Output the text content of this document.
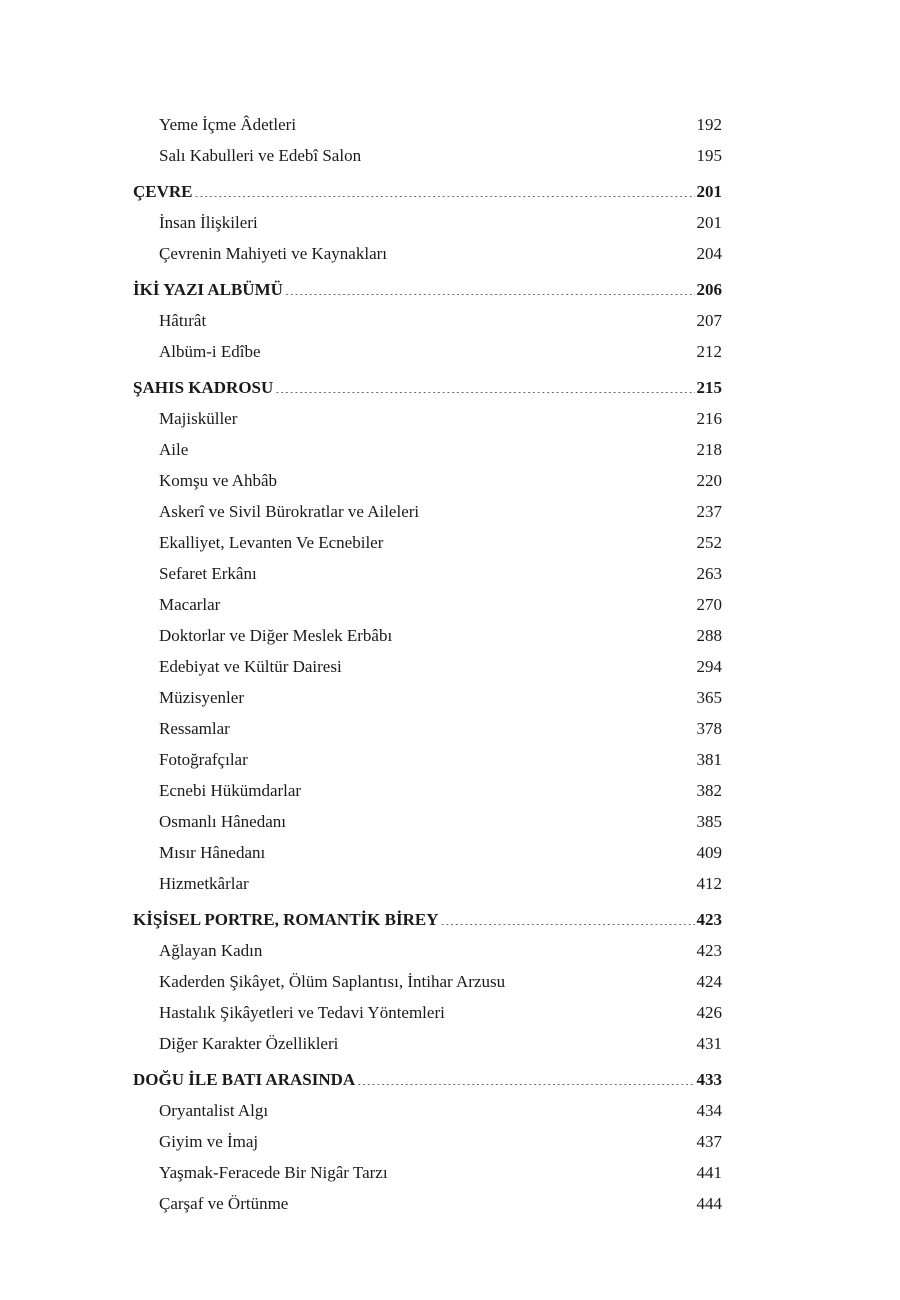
Yeme İçme Âdetleri .....	192
Salı Kabulleri ve Edebî Salon .....	195
ÇEVRE .....	201
İnsan İlişkileri .....	201
Çevrenin Mahiyeti ve Kaynakları .....	204
İKİ YAZI ALBÜMÜ .....	206
Hâtırât .....	207
Albüm-i Edîbe .....	212
ŞAHIS KADROSU .....	215
Majisküller .....	216
Aile .....	218
Komşu ve Ahbâb .....	220
Askerî ve Sivil Bürokratlar ve Aileleri .....	237
Ekalliyet, Levanten Ve Ecnebiler .....	252
Sefaret Erkânı .....	263
Macarlar .....	270
Doktorlar ve Diğer Meslek Erbâbı .....	288
Edebiyat ve Kültür Dairesi .....	294
Müzisyenler .....	365
Ressamlar .....	378
Fotoğrafçılar .....	381
Ecnebi Hükümdarlar .....	382
Osmanlı Hânedanı .....	385
Mısır Hânedanı .....	409
Hizmetkârlar .....	412
KİŞİSEL PORTRE, ROMANTİK BİREY .....	423
Ağlayan Kadın .....	423
Kaderden Şikâyet, Ölüm Saplantısı, İntihar Arzusu .....	424
Hastalık Şikâyetleri ve Tedavi Yöntemleri .....	426
Diğer Karakter Özellikleri .....	431
DOĞU İLE BATI ARASINDA .....	433
Oryantalist Algı .....	434
Giyim ve İmaj .....	437
Yaşmak-Feracede Bir Nigâr Tarzı .....	441
Çarşaf ve Örtünme .....	444
